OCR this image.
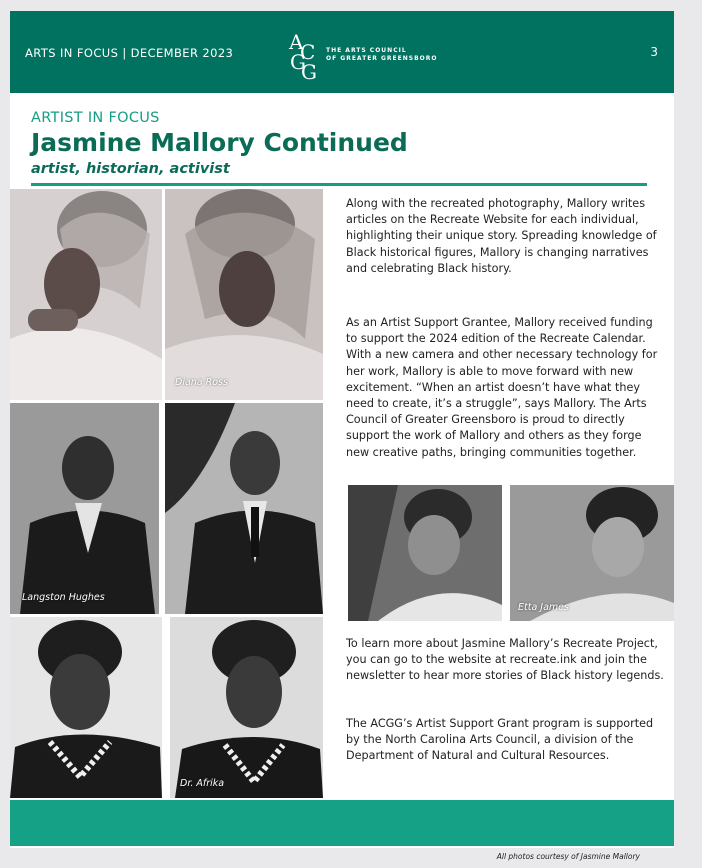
ARTS IN FOCUS | DECEMBER 2023	A
C
G
G
THE ARTS COUNCIL
OF GREATER GREENSBORO	3
ARTIST IN FOCUS
Jasmine Mallory Continued
artist, historian, activist
Diana Ross
Langston Hughes
Dr. Afrika
Etta James

Along with the recreated photography, Mallory writes articles on the Recreate Website for each individual, highlighting their unique story. Spreading knowledge of Black historical figures, Mallory is changing narratives and celebrating Black history.

As an Artist Support Grantee, Mallory received funding to support the 2024 edition of the Recreate Calendar. With a new camera and other necessary technology for her work, Mallory is able to move forward with new excitement. “When an artist doesn’t have what they need to create, it’s a struggle”, says Mallory. The Arts Council of Greater Greensboro is proud to directly support the work of Mallory and others as they forge new creative paths, bringing communities together.

To learn more about Jasmine Mallory’s Recreate Project, you can go to the website at recreate.ink and join the newsletter to hear more stories of Black history legends.

The ACGG’s Artist Support Grant program is supported by the North Carolina Arts Council, a division of the Department of Natural and Cultural Resources.

All photos courtesy of Jasmine Mallory
